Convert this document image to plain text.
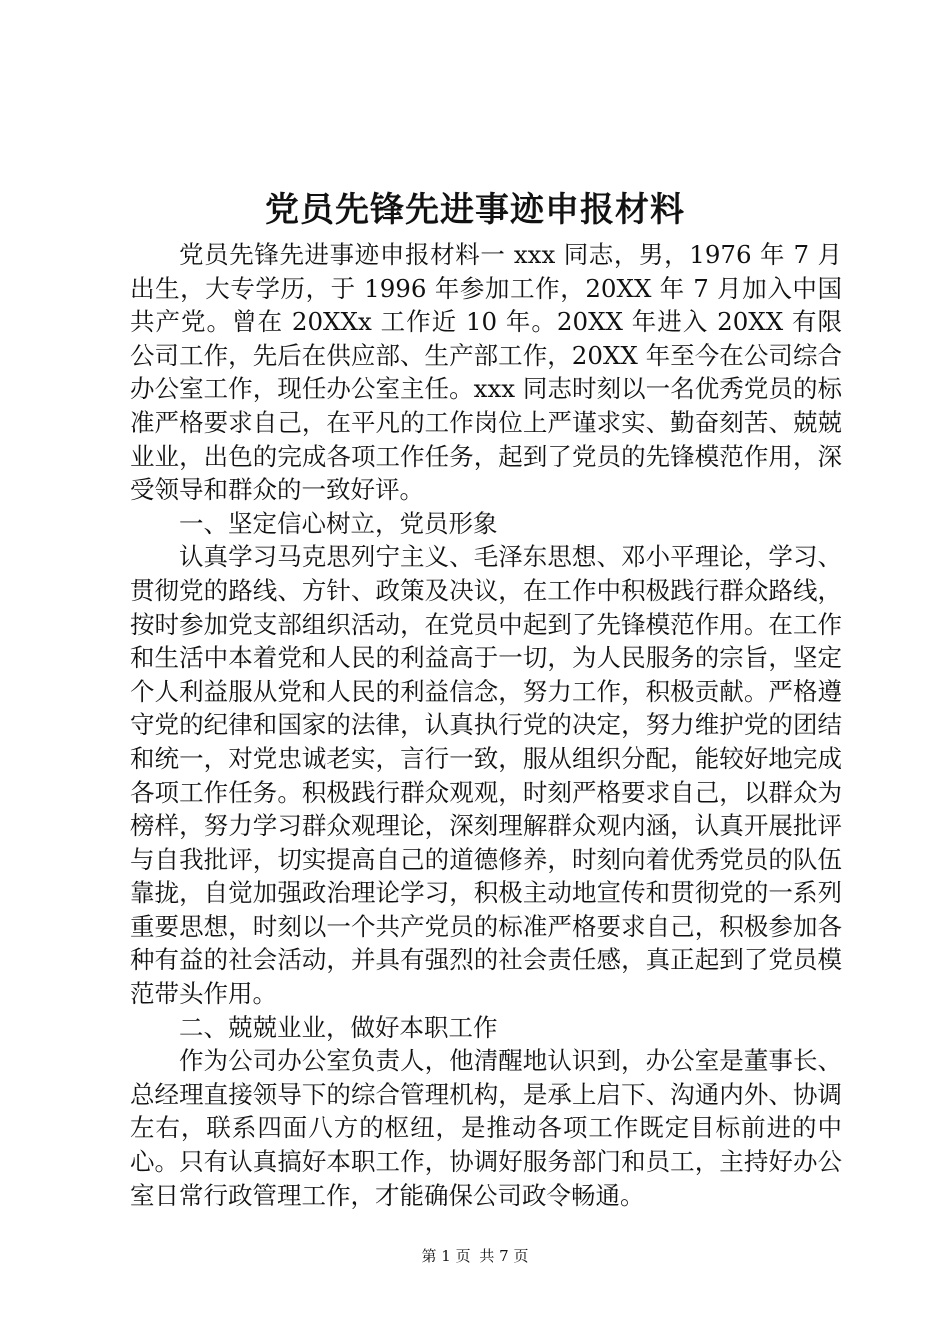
党员先锋先进事迹申报材料

党员先锋先进事迹申报材料一 xxx 同志，男，1976 年 7 月出生，大专学历，于 1996 年参加工作，20XX 年 7 月加入中国共产党。曾在 20XXx 工作近 10 年。20XX 年进入 20XX 有限公司工作，先后在供应部、生产部工作，20XX 年至今在公司综合办公室工作，现任办公室主任。xxx 同志时刻以一名优秀党员的标准严格要求自己，在平凡的工作岗位上严谨求实、勤奋刻苦、兢兢业业，出色的完成各项工作任务，起到了党员的先锋模范作用，深受领导和群众的一致好评。

一、坚定信心树立，党员形象

认真学习马克思列宁主义、毛泽东思想、邓小平理论，学习、贯彻党的路线、方针、政策及决议，在工作中积极践行群众路线，按时参加党支部组织活动，在党员中起到了先锋模范作用。在工作和生活中本着党和人民的利益高于一切，为人民服务的宗旨，坚定个人利益服从党和人民的利益信念，努力工作，积极贡献。严格遵守党的纪律和国家的法律，认真执行党的决定，努力维护党的团结和统一，对党忠诚老实，言行一致，服从组织分配，能较好地完成各项工作任务。积极践行群众观观，时刻严格要求自己，以群众为榜样，努力学习群众观理论，深刻理解群众观内涵，认真开展批评与自我批评，切实提高自己的道德修养，时刻向着优秀党员的队伍靠拢，自觉加强政治理论学习，积极主动地宣传和贯彻党的一系列重要思想，时刻以一个共产党员的标准严格要求自己，积极参加各种有益的社会活动，并具有强烈的社会责任感，真正起到了党员模范带头作用。

二、兢兢业业，做好本职工作

作为公司办公室负责人，他清醒地认识到，办公室是董事长、总经理直接领导下的综合管理机构，是承上启下、沟通内外、协调左右，联系四面八方的枢纽，是推动各项工作既定目标前进的中心。只有认真搞好本职工作，协调好服务部门和员工，主持好办公室日常行政管理工作，才能确保公司政令畅通。

第 1 页 共 7 页
